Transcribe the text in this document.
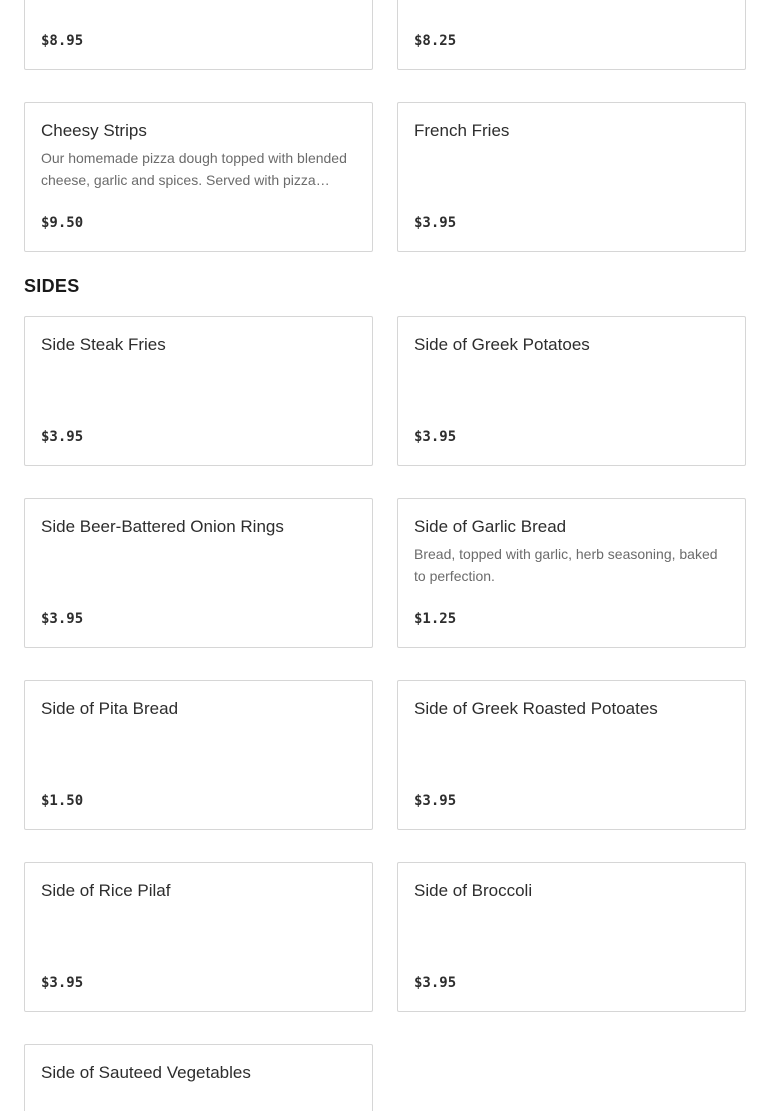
$8.95	$8.25
Cheesy Strips
Our homemade pizza dough topped with blended cheese, garlic and spices. Served with pizza…
$9.50
French Fries
$3.95
SIDES
Side Steak Fries
$3.95
Side of Greek Potatoes
$3.95
Side Beer-Battered Onion Rings
$3.95
Side of Garlic Bread
Bread, topped with garlic, herb seasoning, baked to perfection.
$1.25
Side of Pita Bread
$1.50
Side of Greek Roasted Potoates
$3.95
Side of Rice Pilaf
$3.95
Side of Broccoli
$3.95
Side of Sauteed Vegetables
